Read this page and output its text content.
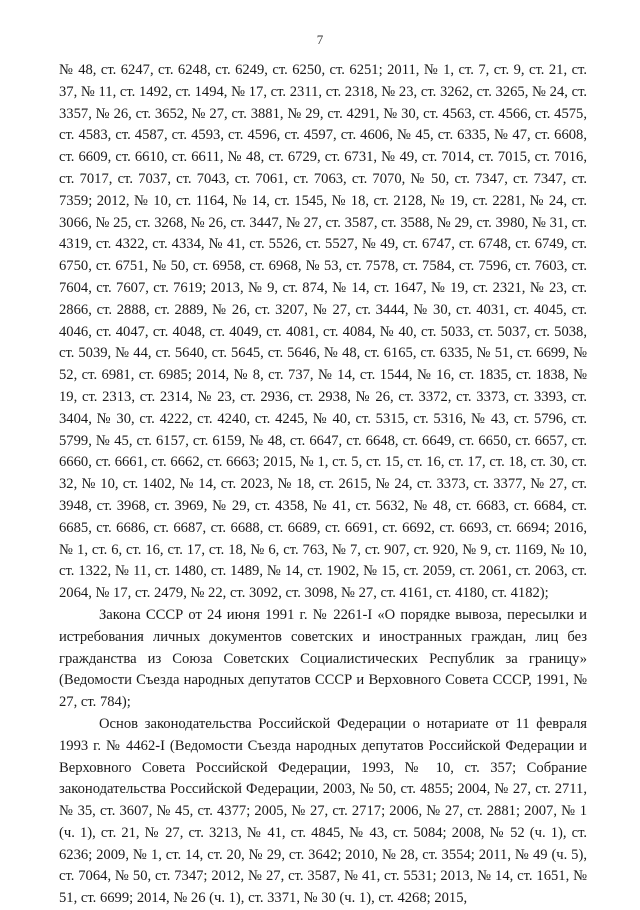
7

№ 48, ст. 6247, ст. 6248, ст. 6249, ст. 6250, ст. 6251; 2011, № 1, ст. 7, ст. 9, ст. 21, ст. 37, № 11, ст. 1492, ст. 1494, № 17, ст. 2311, ст. 2318, № 23, ст. 3262, ст. 3265, № 24, ст. 3357, № 26, ст. 3652, № 27, ст. 3881, № 29, ст. 4291, № 30, ст. 4563, ст. 4566, ст. 4575, ст. 4583, ст. 4587, ст. 4593, ст. 4596, ст. 4597, ст. 4606, № 45, ст. 6335, № 47, ст. 6608, ст. 6609, ст. 6610, ст. 6611, № 48, ст. 6729, ст. 6731, № 49, ст. 7014, ст. 7015, ст. 7016, ст. 7017, ст. 7037, ст. 7043, ст. 7061, ст. 7063, ст. 7070, № 50, ст. 7347, ст. 7347, ст. 7359; 2012, № 10, ст. 1164, № 14, ст. 1545, № 18, ст. 2128, № 19, ст. 2281, № 24, ст. 3066, № 25, ст. 3268, № 26, ст. 3447, № 27, ст. 3587, ст. 3588, № 29, ст. 3980, № 31, ст. 4319, ст. 4322, ст. 4334, № 41, ст. 5526, ст. 5527, № 49, ст. 6747, ст. 6748, ст. 6749, ст. 6750, ст. 6751, № 50, ст. 6958, ст. 6968, № 53, ст. 7578, ст. 7584, ст. 7596, ст. 7603, ст. 7604, ст. 7607, ст. 7619; 2013, № 9, ст. 874, № 14, ст. 1647, № 19, ст. 2321, № 23, ст. 2866, ст. 2888, ст. 2889, № 26, ст. 3207, № 27, ст. 3444, № 30, ст. 4031, ст. 4045, ст. 4046, ст. 4047, ст. 4048, ст. 4049, ст. 4081, ст. 4084, № 40, ст. 5033, ст. 5037, ст. 5038, ст. 5039, № 44, ст. 5640, ст. 5645, ст. 5646, № 48, ст. 6165, ст. 6335, № 51, ст. 6699, № 52, ст. 6981, ст. 6985; 2014, № 8, ст. 737, № 14, ст. 1544, № 16, ст. 1835, ст. 1838, № 19, ст. 2313, ст. 2314, № 23, ст. 2936, ст. 2938, № 26, ст. 3372, ст. 3373, ст. 3393, ст. 3404, № 30, ст. 4222, ст. 4240, ст. 4245, № 40, ст. 5315, ст. 5316, № 43, ст. 5796, ст. 5799, № 45, ст. 6157, ст. 6159, № 48, ст. 6647, ст. 6648, ст. 6649, ст. 6650, ст. 6657, ст. 6660, ст. 6661, ст. 6662, ст. 6663; 2015, № 1, ст. 5, ст. 15, ст. 16, ст. 17, ст. 18, ст. 30, ст. 32, № 10, ст. 1402, № 14, ст. 2023, № 18, ст. 2615, № 24, ст. 3373, ст. 3377, № 27, ст. 3948, ст. 3968, ст. 3969, № 29, ст. 4358, № 41, ст. 5632, № 48, ст. 6683, ст. 6684, ст. 6685, ст. 6686, ст. 6687, ст. 6688, ст. 6689, ст. 6691, ст. 6692, ст. 6693, ст. 6694; 2016, № 1, ст. 6, ст. 16, ст. 17, ст. 18, № 6, ст. 763, № 7, ст. 907, ст. 920, № 9, ст. 1169, № 10, ст. 1322, № 11, ст. 1480, ст. 1489, № 14, ст. 1902, № 15, ст. 2059, ст. 2061, ст. 2063, ст. 2064, № 17, ст. 2479, № 22, ст. 3092, ст. 3098, № 27, ст. 4161, ст. 4180, ст. 4182);

Закона СССР от 24 июня 1991 г. № 2261-I «О порядке вывоза, пересылки и истребования личных документов советских и иностранных граждан, лиц без гражданства из Союза Советских Социалистических Республик за границу» (Ведомости Съезда народных депутатов СССР и Верховного Совета СССР, 1991, № 27, ст. 784);

Основ законодательства Российской Федерации о нотариате от 11 февраля 1993 г. № 4462-I (Ведомости Съезда народных депутатов Российской Федерации и Верховного Совета Российской Федерации, 1993, № 10, ст. 357; Собрание законодательства Российской Федерации, 2003, № 50, ст. 4855; 2004, № 27, ст. 2711, № 35, ст. 3607, № 45, ст. 4377; 2005, № 27, ст. 2717; 2006, № 27, ст. 2881; 2007, № 1 (ч. 1), ст. 21, № 27, ст. 3213, № 41, ст. 4845, № 43, ст. 5084; 2008, № 52 (ч. 1), ст. 6236; 2009, № 1, ст. 14, ст. 20, № 29, ст. 3642; 2010, № 28, ст. 3554; 2011, № 49 (ч. 5), ст. 7064, № 50, ст. 7347; 2012, № 27, ст. 3587, № 41, ст. 5531; 2013, № 14, ст. 1651, № 51, ст. 6699; 2014, № 26 (ч. 1), ст. 3371, № 30 (ч. 1), ст. 4268; 2015,
